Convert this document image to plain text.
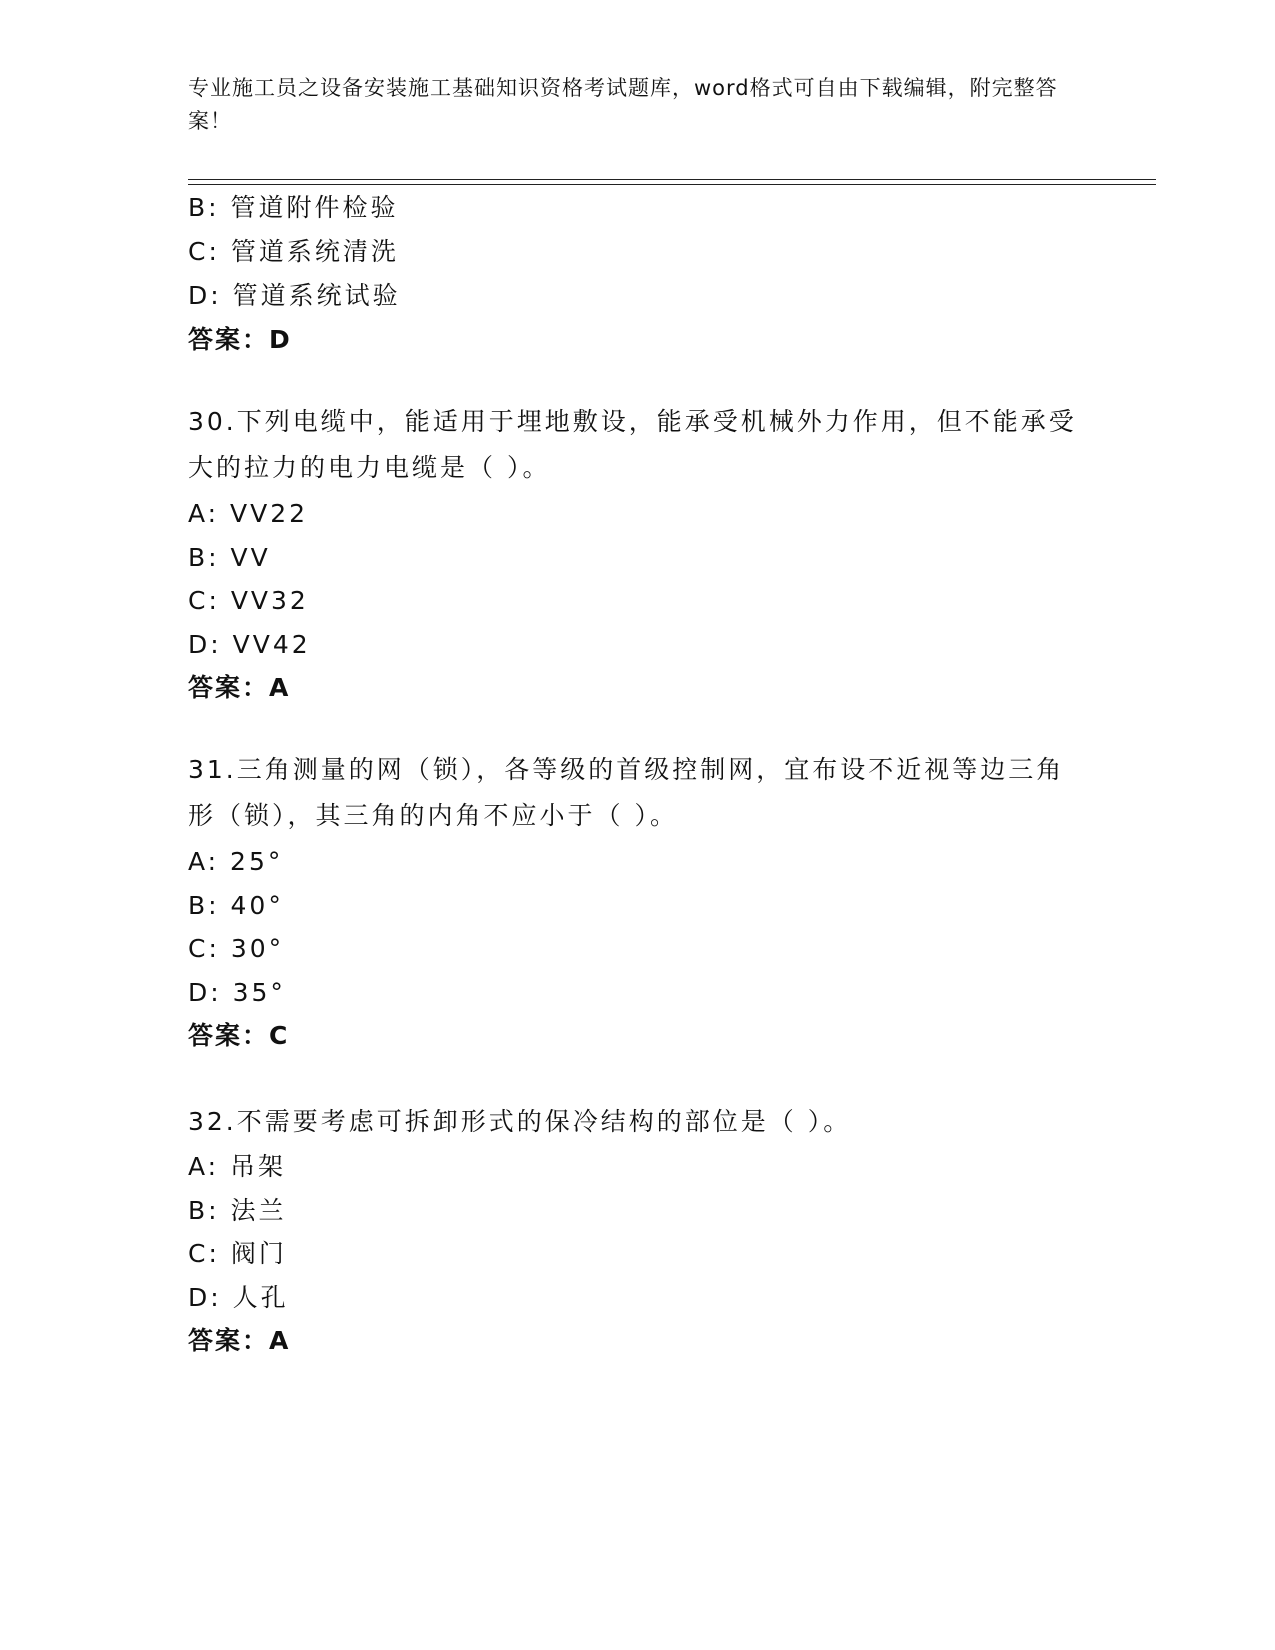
专业施工员之设备安装施工基础知识资格考试题库，word格式可自由下载编辑，附完整答案！
B: 管道附件检验
C: 管道系统清洗
D: 管道系统试验
答案：D
30.下列电缆中，能适用于埋地敷设，能承受机械外力作用，但不能承受大的拉力的电力电缆是（ ）。
A: VV22
B: VV
C: VV32
D: VV42
答案：A
31.三角测量的网（锁），各等级的首级控制网，宜布设不近视等边三角形（锁），其三角的内角不应小于（ ）。
A: 25°
B: 40°
C: 30°
D: 35°
答案：C
32.不需要考虑可拆卸形式的保冷结构的部位是（ ）。
A: 吊架
B: 法兰
C: 阀门
D: 人孔
答案：A
